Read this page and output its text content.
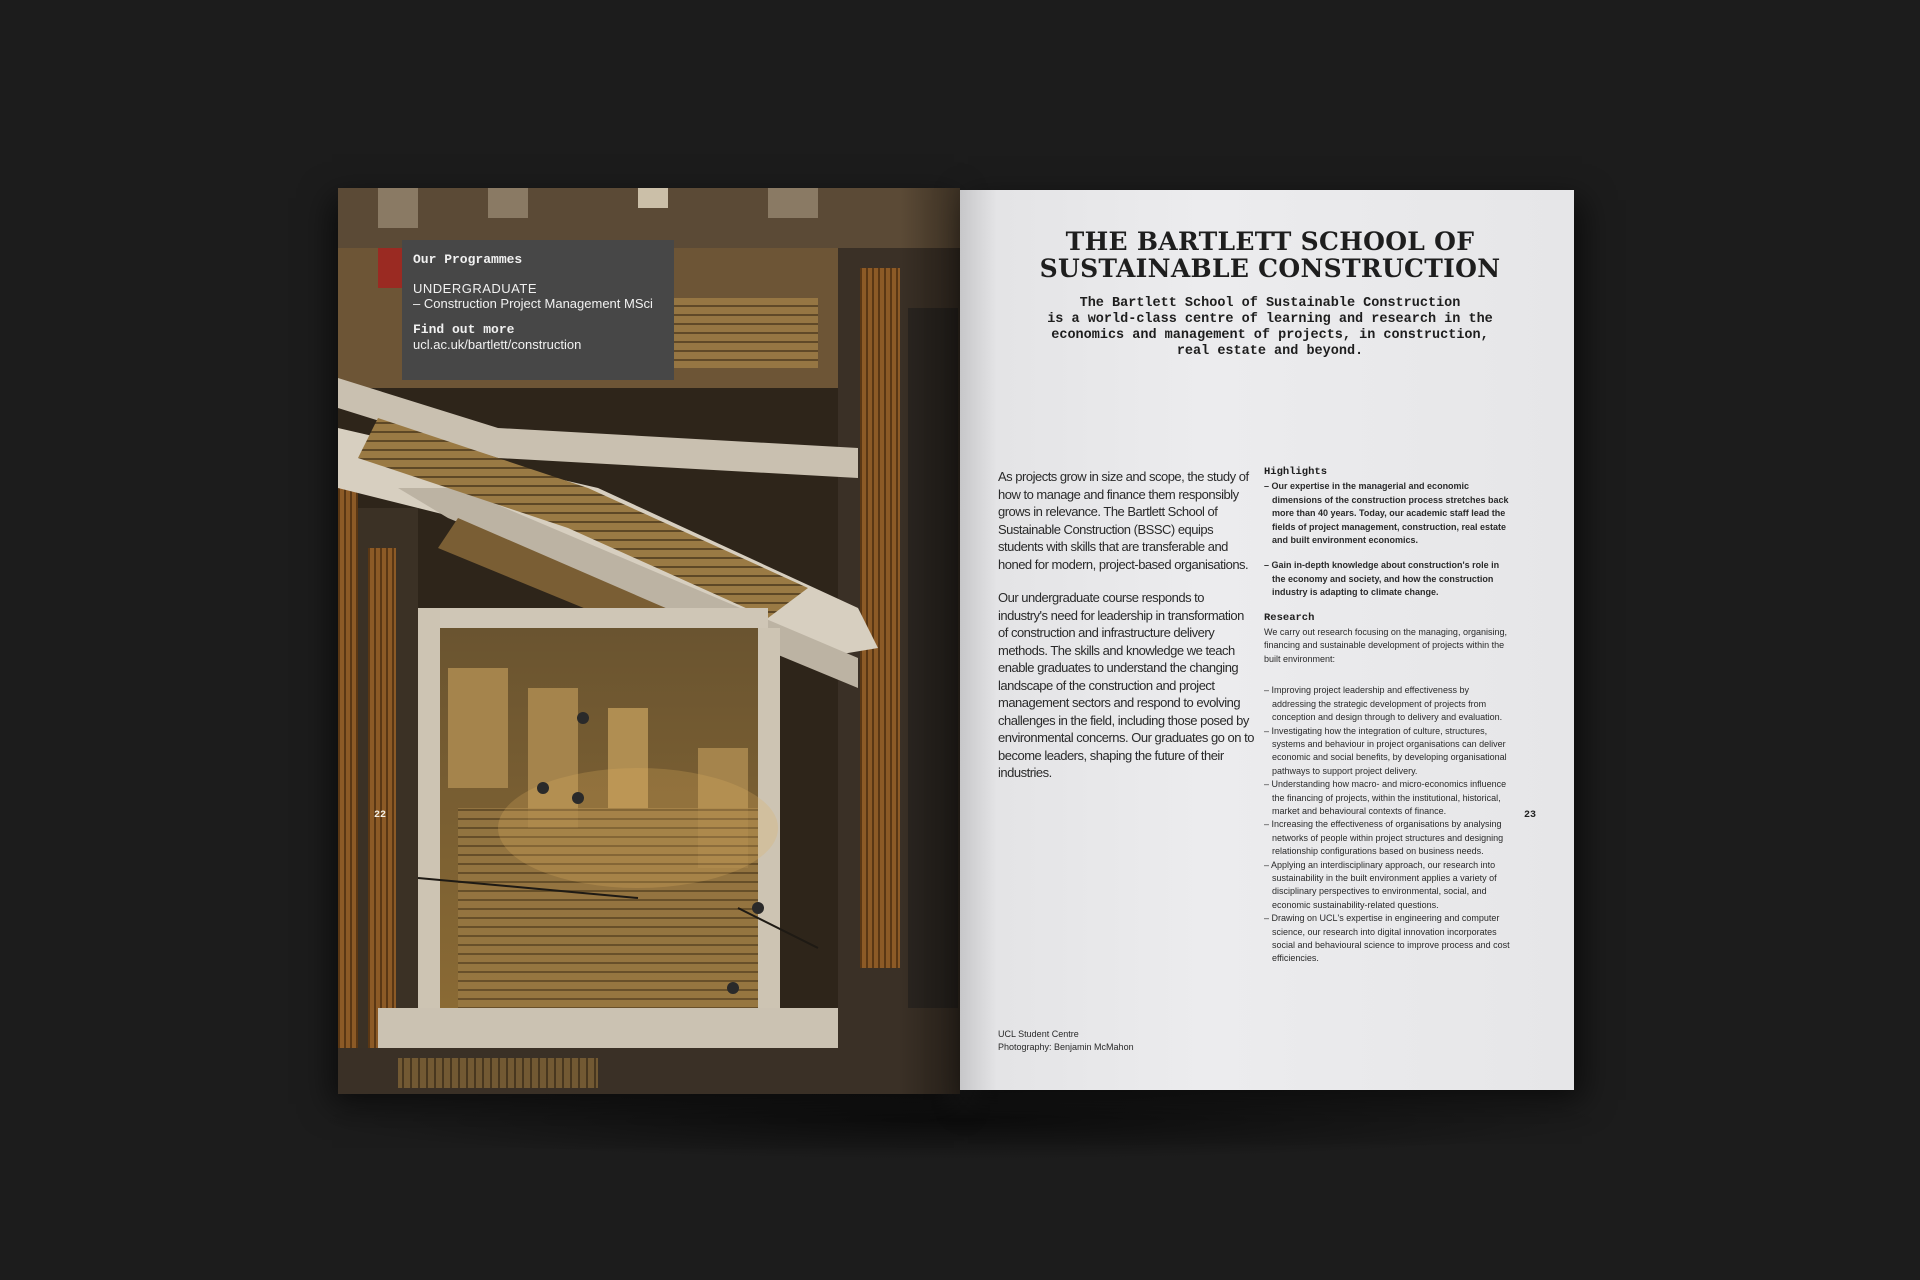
Our Programmes
UNDERGRADUATE
– Construction Project Management MSci
Find out more
ucl.ac.uk/bartlett/construction
22
THE BARTLETT SCHOOL OF
SUSTAINABLE CONSTRUCTION
The Bartlett School of Sustainable Construction
is a world-class centre of learning and research in the
economics and management of projects, in construction,
real estate and beyond.

As projects grow in size and scope, the study of how to manage and finance them responsibly grows in relevance. The Bartlett School of Sustainable Construction (BSSC) equips students with skills that are transferable and honed for modern, project-based organisations.

Our undergraduate course responds to industry's need for leadership in transformation of construction and infrastructure delivery methods. The skills and knowledge we teach enable graduates to understand the changing landscape of the construction and project management sectors and respond to evolving challenges in the field, including those posed by environmental concerns. Our graduates go on to become leaders, shaping the future of their industries.

UCL Student Centre
Photography: Benjamin McMahon
Highlights
– Our expertise in the managerial and economic dimensions of the construction process stretches back more than 40 years. Today, our academic staff lead the fields of project management, construction, real estate and built environment economics.
– Gain in-depth knowledge about construction's role in the economy and society, and how the construction industry is adapting to climate change.
Research
We carry out research focusing on the managing, organising, financing and sustainable development of projects within the built environment:
– Improving project leadership and effectiveness by addressing the strategic development of projects from conception and design through to delivery and evaluation.
– Investigating how the integration of culture, structures, systems and behaviour in project organisations can deliver economic and social benefits, by developing organisational pathways to support project delivery.
– Understanding how macro- and micro-economics influence the financing of projects, within the institutional, historical, market and behavioural contexts of finance.
– Increasing the effectiveness of organisations by analysing networks of people within project structures and designing relationship configurations based on business needs.
– Applying an interdisciplinary approach, our research into sustainability in the built environment applies a variety of disciplinary perspectives to environmental, social, and economic sustainability-related questions.
– Drawing on UCL's expertise in engineering and computer science, our research into digital innovation incorporates social and behavioural science to improve process and cost efficiencies.
23
